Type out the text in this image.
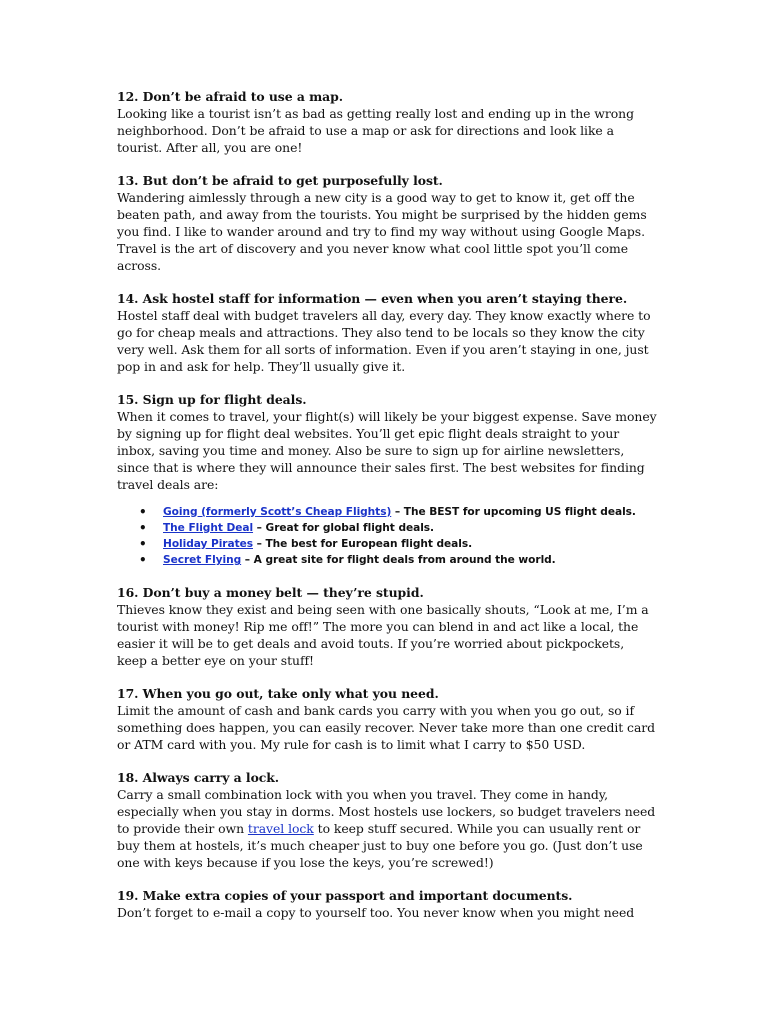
12. Don’t be afraid to use a map.

Looking like a tourist isn’t as bad as getting really lost and ending up in the wrong neighborhood. Don’t be afraid to use a map or ask for directions and look like a tourist. After all, you are one!

13. But don’t be afraid to get purposefully lost.

Wandering aimlessly through a new city is a good way to get to know it, get off the beaten path, and away from the tourists. You might be surprised by the hidden gems you find. I like to wander around and try to find my way without using Google Maps. Travel is the art of discovery and you never know what cool little spot you’ll come across.

14. Ask hostel staff for information — even when you aren’t staying there.

Hostel staff deal with budget travelers all day, every day. They know exactly where to go for cheap meals and attractions. They also tend to be locals so they know the city very well. Ask them for all sorts of information. Even if you aren’t staying in one, just pop in and ask for help. They’ll usually give it.

15. Sign up for flight deals.

When it comes to travel, your flight(s) will likely be your biggest expense. Save money by signing up for flight deal websites. You’ll get epic flight deals straight to your inbox, saving you time and money. Also be sure to sign up for airline newsletters, since that is where they will announce their sales first. The best websites for finding travel deals are:

• Going (formerly Scott’s Cheap Flights) – The BEST for upcoming US flight deals.
• The Flight Deal – Great for global flight deals.
• Holiday Pirates – The best for European flight deals.
• Secret Flying – A great site for flight deals from around the world.

16. Don’t buy a money belt — they’re stupid.

Thieves know they exist and being seen with one basically shouts, “Look at me, I’m a tourist with money! Rip me off!” The more you can blend in and act like a local, the easier it will be to get deals and avoid touts. If you’re worried about pickpockets, keep a better eye on your stuff!

17. When you go out, take only what you need.

Limit the amount of cash and bank cards you carry with you when you go out, so if something does happen, you can easily recover. Never take more than one credit card or ATM card with you. My rule for cash is to limit what I carry to $50 USD.

18. Always carry a lock.

Carry a small combination lock with you when you travel. They come in handy, especially when you stay in dorms. Most hostels use lockers, so budget travelers need to provide their own travel lock to keep stuff secured. While you can usually rent or buy them at hostels, it’s much cheaper just to buy one before you go. (Just don’t use one with keys because if you lose the keys, you’re screwed!)

19. Make extra copies of your passport and important documents.

Don’t forget to e-mail a copy to yourself too. You never know when you might need
